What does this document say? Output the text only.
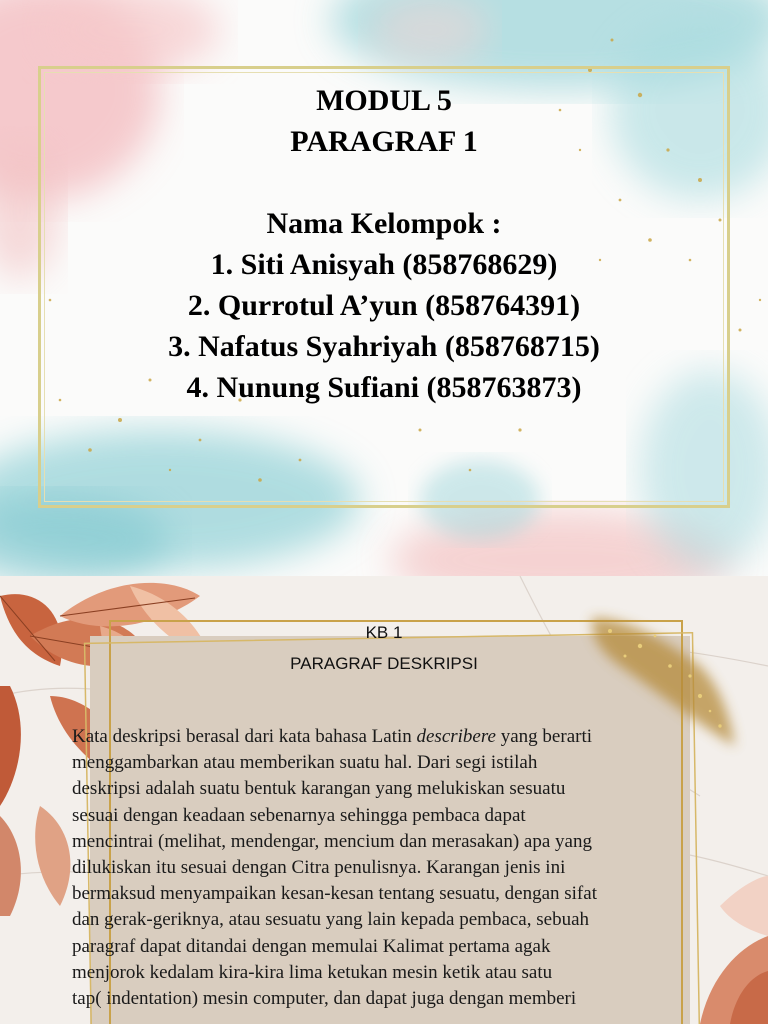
MODUL 5
PARAGRAF 1
Nama Kelompok :
1. Siti Anisyah (858768629)
2. Qurrotul A’yun (858764391)
3. Nafatus Syahriyah (858768715)
4. Nunung Sufiani (858763873)
KB 1
PARAGRAF DESKRIPSI
Kata deskripsi berasal dari kata bahasa Latin describere yang berarti
menggambarkan atau memberikan suatu hal. Dari segi istilah
deskripsi adalah suatu bentuk karangan yang melukiskan sesuatu
sesuai dengan keadaan sebenarnya sehingga pembaca dapat
mencintrai (melihat, mendengar, mencium dan merasakan) apa yang
dilukiskan itu sesuai dengan Citra penulisnya. Karangan jenis ini
bermaksud menyampaikan kesan-kesan tentang sesuatu, dengan sifat
dan gerak-geriknya, atau sesuatu yang lain kepada pembaca, sebuah
paragraf dapat ditandai dengan memulai Kalimat pertama agak
menjorok kedalam kira-kira lima ketukan mesin ketik atau satu
tap( indentation) mesin computer, dan dapat juga dengan memberi
